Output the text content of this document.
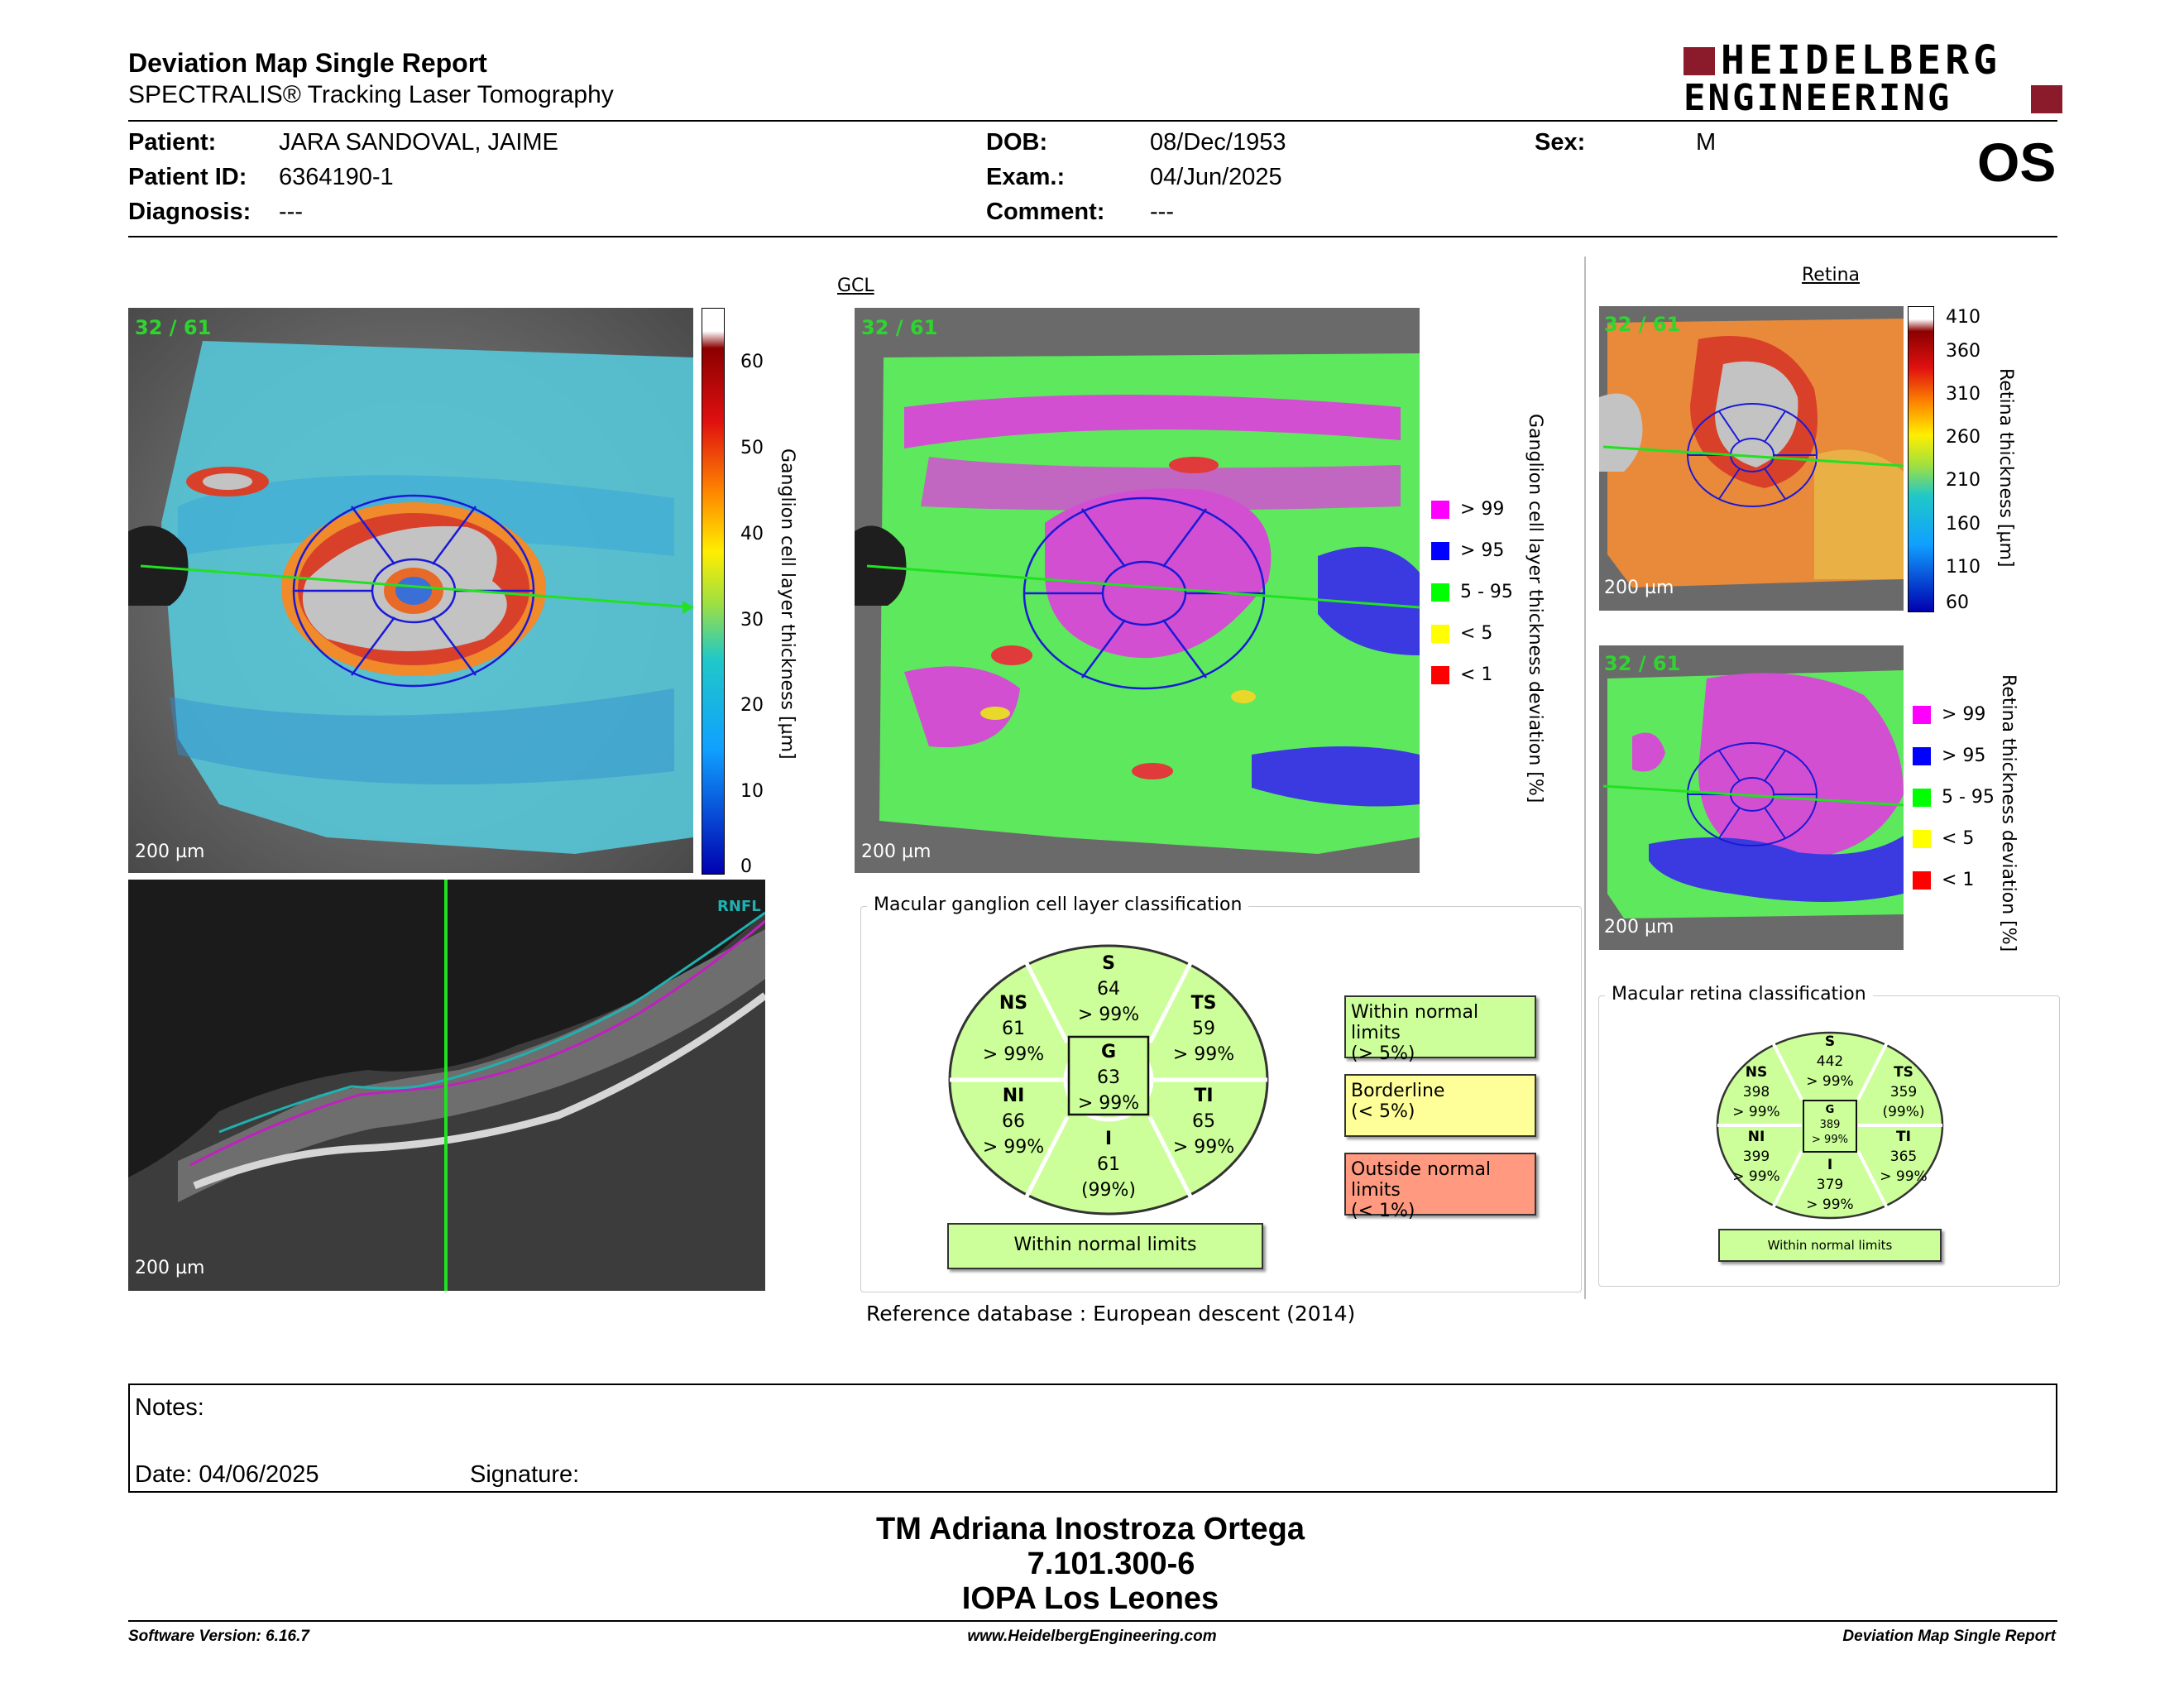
Deviation Map Single Report
SPECTRALIS® Tracking Laser Tomography
HEIDELBERG
ENGINEERING
Patient:	JARA SANDOVAL, JAIME
Patient ID: 6364190-1
Diagnosis: ---
DOB:	08/Dec/1953
Exam.:	04/Jun/2025
Comment: ---
Sex:	M	OS
32 / 61
200 µm
60
50
40
30
20
10
0
Ganglion cell layer thickness [µm]
RNFL
200 µm
GCL
32 / 61
200 µm
> 99
> 95
5 - 95
< 5
< 1 Ganglion cell layer thickness deviation [%]
Macular ganglion cell layer classification
S
64
> 99%
NS
61
> 99%
TS
59
> 99%
G
63
> 99%
NI
66
> 99%
TI
65
> 99%
I
61
(99%)
Within normal limits
Within normal limits
(> 5%)
Borderline
(< 5%)
Outside normal limits
(< 1%)
Reference database : European descent (2014)
Retina
32 / 61
200 µm
410
360
310
260
210
160
110
60
Retina thickness [µm]
32 / 61
200 µm
> 99
> 95
5 - 95
< 5
< 1 Retina thickness deviation [%]
Macular retina classification
S
442
> 99%
NS
398
> 99%
TS
359
(99%)
G
389
> 99%
NI
399
> 99%
TI
365
> 99%
I
379
> 99%
Within normal limits
Notes:
Date: 04/06/2025	Signature:
TM Adriana Inostroza Ortega
7.101.300-6
IOPA Los Leones
Software Version: 6.16.7	www.HeidelbergEngineering.com	Deviation Map Single Report
